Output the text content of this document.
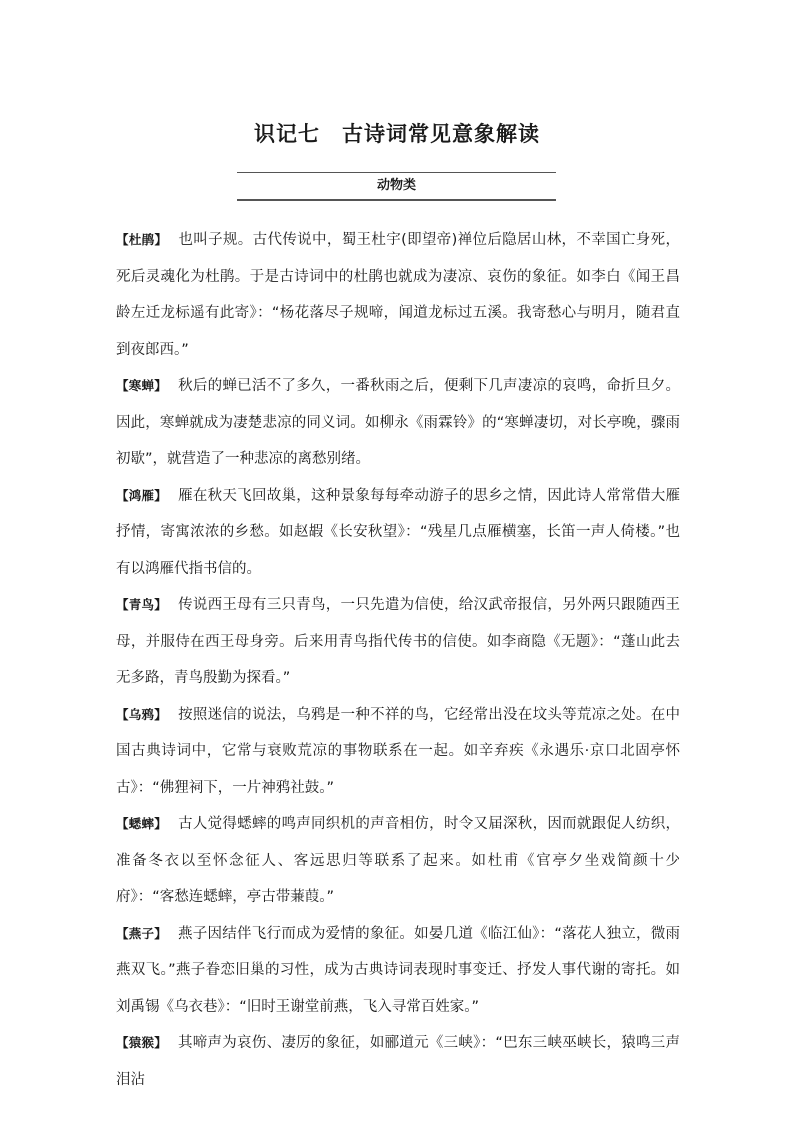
识记七　古诗词常见意象解读
动物类

【杜鹃】 也叫子规。古代传说中，蜀王杜宇(即望帝)禅位后隐居山林，不幸国亡身死，死后灵魂化为杜鹃。于是古诗词中的杜鹃也就成为凄凉、哀伤的象征。如李白《闻王昌龄左迁龙标遥有此寄》：“杨花落尽子规啼，闻道龙标过五溪。我寄愁心与明月，随君直到夜郎西。”

【寒蝉】 秋后的蝉已活不了多久，一番秋雨之后，便剩下几声凄凉的哀鸣，命折旦夕。因此，寒蝉就成为凄楚悲凉的同义词。如柳永《雨霖铃》的“寒蝉凄切，对长亭晚，骤雨初歇”，就营造了一种悲凉的离愁别绪。

【鸿雁】 雁在秋天飞回故巢，这种景象每每牵动游子的思乡之情，因此诗人常常借大雁抒情，寄寓浓浓的乡愁。如赵嘏《长安秋望》：“残星几点雁横塞，长笛一声人倚楼。”也有以鸿雁代指书信的。

【青鸟】 传说西王母有三只青鸟，一只先遣为信使，给汉武帝报信，另外两只跟随西王母，并服侍在西王母身旁。后来用青鸟指代传书的信使。如李商隐《无题》：“蓬山此去无多路，青鸟殷勤为探看。”

【乌鸦】 按照迷信的说法，乌鸦是一种不祥的鸟，它经常出没在坟头等荒凉之处。在中国古典诗词中，它常与衰败荒凉的事物联系在一起。如辛弃疾《永遇乐·京口北固亭怀古》：“佛狸祠下，一片神鸦社鼓。”

【蟋蟀】 古人觉得蟋蟀的鸣声同织机的声音相仿，时令又届深秋，因而就跟促人纺织，准备冬衣以至怀念征人、客远思归等联系了起来。如杜甫《官亭夕坐戏简颜十少府》：“客愁连蟋蟀，亭古带蒹葭。”

【燕子】 燕子因结伴飞行而成为爱情的象征。如晏几道《临江仙》：“落花人独立，微雨燕双飞。”燕子眷恋旧巢的习性，成为古典诗词表现时事变迁、抒发人事代谢的寄托。如刘禹锡《乌衣巷》：“旧时王谢堂前燕，飞入寻常百姓家。”

【猿猴】 其啼声为哀伤、凄厉的象征，如郦道元《三峡》：“巴东三峡巫峡长，猿鸣三声泪沾
